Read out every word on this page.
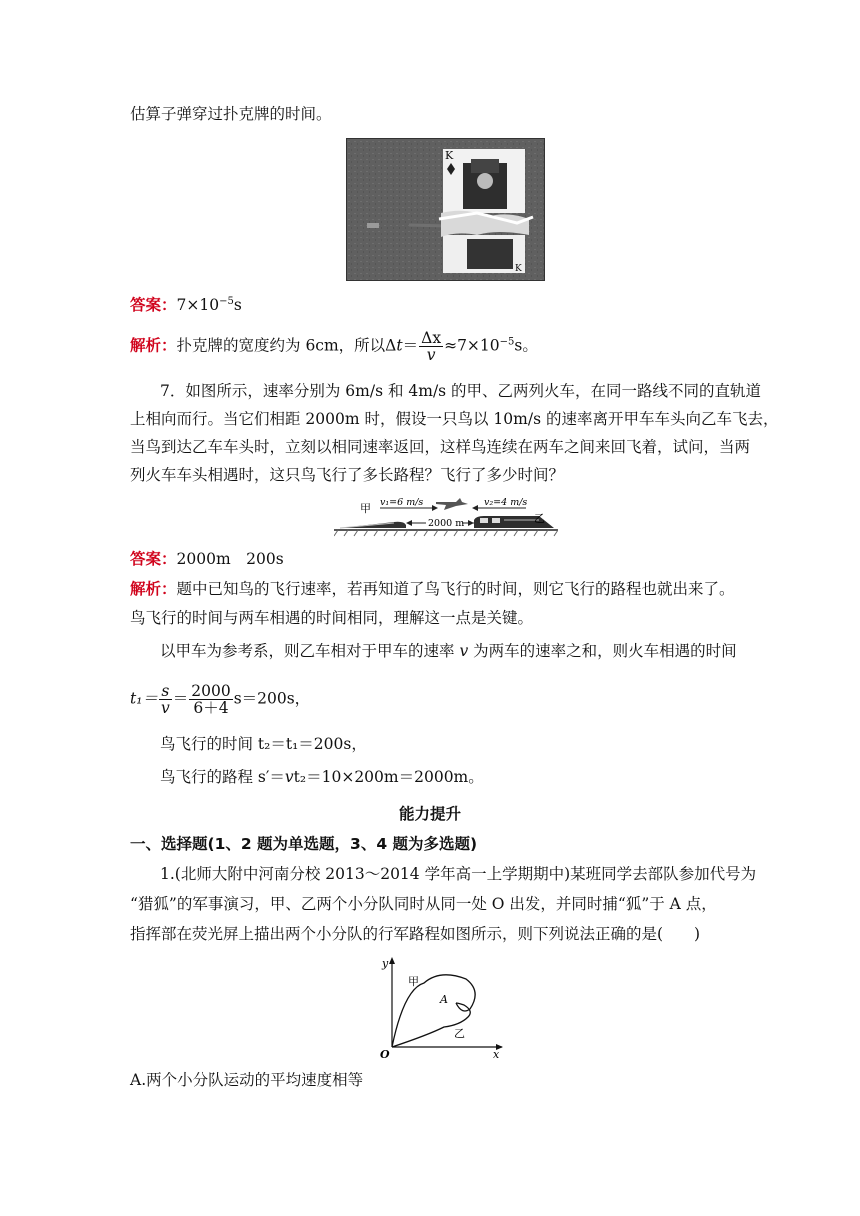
估算子弹穿过扑克牌的时间。
K
K
答案：$7\times 10^{-5}s$
解析：扑克牌的宽度约为 6cm，所以$\Delta t= \frac{\Delta x}{v} \approx 7\times 10^{-5}s$。
7．如图所示，速率分别为 6m/s 和 4m/s 的甲、乙两列火车，在同一路线不同的直轨道
上相向而行。当它们相距 2000m 时，假设一只鸟以 10m/s 的速率离开甲车车头向乙车飞去，
当鸟到达乙车车头时，立刻以相同速率返回，这样鸟连续在两车之间来回飞着，试问，当两
列火车车头相遇时，这只鸟飞行了多长路程？飞行了多少时间？
甲
乙
v₁=6 m/s	v₂=4 m/s
2000 m
答案：2000m　200s
解析：题中已知鸟的飞行速率，若再知道了鸟飞行的时间，则它飞行的路程也就出来了。
鸟飞行的时间与两车相遇的时间相同，理解这一点是关键。
以甲车为参考系，则乙车相对于甲车的速率 v 为两车的速率之和，则火车相遇的时间
$t_1= \frac{s}{v} = \frac{2000}{6+4} s=200s$，
鸟飞行的时间 t₂＝t₁＝200s，
鸟飞行的路程 s′＝vt₂＝10×200m＝2000m。
能力提升
一、选择题(1、2 题为单选题，3、4 题为多选题)
1.(北师大附中河南分校 2013～2014 学年高一上学期期中)某班同学去部队参加代号为
“猎狐”的军事演习，甲、乙两个小分队同时从同一处 O 出发，并同时捕“狐”于 A 点，
指挥部在荧光屏上描出两个小分队的行军路程如图所示，则下列说法正确的是(　　)
y
x
O
A
甲
乙
A.两个小分队运动的平均速度相等
